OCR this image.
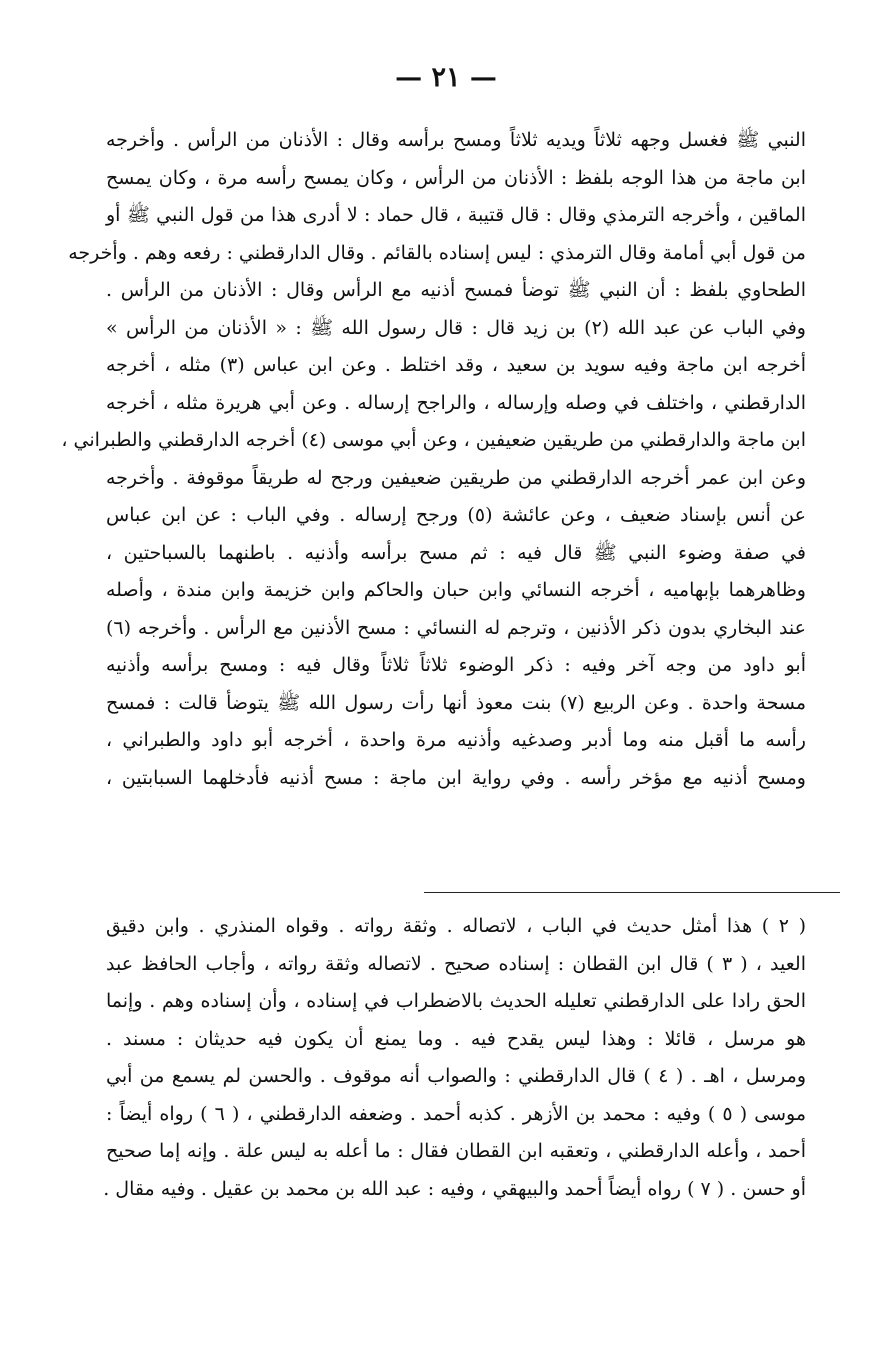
— ٢١ —
النبي ﷺ فغسل وجهه ثلاثاً ويديه ثلاثاً ومسح برأسه وقال : الأذنان من الرأس . وأخرجه
ابن ماجة من هذا الوجه بلفظ : الأذنان من الرأس ، وكان يمسح رأسه مرة ، وكان يمسح
الماقين ، وأخرجه الترمذي وقال : قال قتيبة ، قال حماد : لا أدرى هذا من قول النبي ﷺ أو
من قول أبي أمامة وقال الترمذي : ليس إسناده بالقائم . وقال الدارقطني : رفعه وهم . وأخرجه
الطحاوي بلفظ : أن النبي ﷺ توضأ فمسح أذنيه مع الرأس وقال : الأذنان من الرأس .
وفي الباب عن عبد الله (٢) بن زيد قال : قال رسول الله ﷺ : « الأذنان من الرأس »
أخرجه ابن ماجة وفيه سويد بن سعيد ، وقد اختلط . وعن ابن عباس (٣) مثله ، أخرجه
الدارقطني ، واختلف في وصله وإرساله ، والراجح إرساله . وعن أبي هريرة مثله ، أخرجه
ابن ماجة والدارقطني من طريقين ضعيفين ، وعن أبي موسى (٤) أخرجه الدارقطني والطبراني ،
وعن ابن عمر أخرجه الدارقطني من طريقين ضعيفين ورجح له طريقاً موقوفة . وأخرجه
عن أنس بإسناد ضعيف ، وعن عائشة (٥) ورجح إرساله . وفي الباب : عن ابن عباس
في صفة وضوء النبي ﷺ قال فيه : ثم مسح برأسه وأذنيه . باطنهما بالسباحتين ،
وظاهرهما بإبهاميه ، أخرجه النسائي وابن حبان والحاكم وابن خزيمة وابن مندة ، وأصله
عند البخاري بدون ذكر الأذنين ، وترجم له النسائي : مسح الأذنين مع الرأس . وأخرجه (٦)
أبو داود من وجه آخر وفيه : ذكر الوضوء ثلاثاً ثلاثاً وقال فيه : ومسح برأسه وأذنيه
مسحة واحدة . وعن الربيع (٧) بنت معوذ أنها رأت رسول الله ﷺ يتوضأ قالت : فمسح
رأسه ما أقبل منه وما أدبر وصدغيه وأذنيه مرة واحدة ، أخرجه أبو داود والطبراني ،
ومسح أذنيه مع مؤخر رأسه . وفي رواية ابن ماجة : مسح أذنيه فأدخلهما السبابتين ،
( ٢ ) هذا أمثل حديث في الباب ، لاتصاله . وثقة رواته . وقواه المنذري . وابن دقيق
العيد ، ( ٣ ) قال ابن القطان : إسناده صحيح . لاتصاله وثقة رواته ، وأجاب الحافظ عبد
الحق رادا على الدارقطني تعليله الحديث بالاضطراب في إسناده ، وأن إسناده وهم . وإنما
هو مرسل ، قائلا : وهذا ليس يقدح فيه . وما يمنع أن يكون فيه حديثان : مسند .
ومرسل ، اهـ . ( ٤ ) قال الدارقطني : والصواب أنه موقوف . والحسن لم يسمع من أبي
موسى ( ٥ ) وفيه : محمد بن الأزهر . كذبه أحمد . وضعفه الدارقطني ، ( ٦ ) رواه أيضاً :
أحمد ، وأعله الدارقطني ، وتعقبه ابن القطان فقال : ما أعله به ليس علة . وإنه إما صحيح
أو حسن . ( ٧ ) رواه أيضاً أحمد والبيهقي ، وفيه : عبد الله بن محمد بن عقيل . وفيه مقال .
